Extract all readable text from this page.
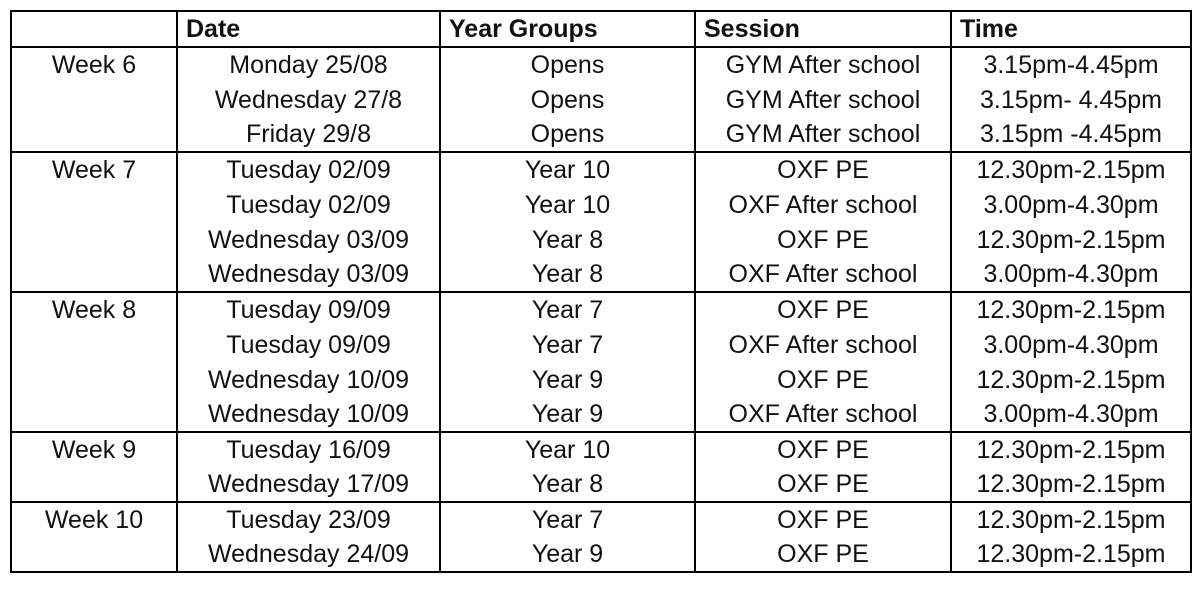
	Date	Year Groups	Session	Time
Week 6	Monday 25/08	Opens	GYM After school	3.15pm-4.45pm
	Wednesday 27/8	Opens	GYM After school	3.15pm- 4.45pm
	Friday 29/8	Opens	GYM After school	3.15pm -4.45pm
Week 7	Tuesday 02/09	Year 10	OXF PE	12.30pm-2.15pm
	Tuesday 02/09	Year 10	OXF After school	3.00pm-4.30pm
	Wednesday 03/09	Year 8	OXF PE	12.30pm-2.15pm
	Wednesday 03/09	Year 8	OXF After school	3.00pm-4.30pm
Week 8	Tuesday 09/09	Year 7	OXF PE	12.30pm-2.15pm
	Tuesday 09/09	Year 7	OXF After school	3.00pm-4.30pm
	Wednesday 10/09	Year 9	OXF PE	12.30pm-2.15pm
	Wednesday 10/09	Year 9	OXF After school	3.00pm-4.30pm
Week 9	Tuesday 16/09	Year 10	OXF PE	12.30pm-2.15pm
	Wednesday 17/09	Year 8	OXF PE	12.30pm-2.15pm
Week 10	Tuesday 23/09	Year 7	OXF PE	12.30pm-2.15pm
	Wednesday 24/09	Year 9	OXF PE	12.30pm-2.15pm
